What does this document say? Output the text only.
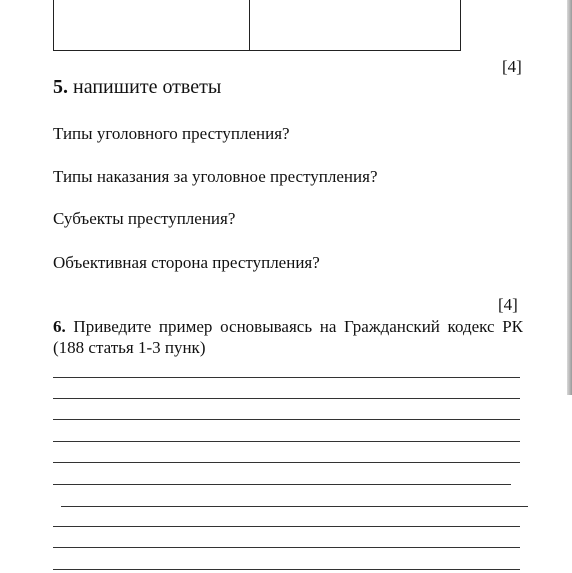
[4]
5. напишите ответы
Типы уголовного преступления?
Типы наказания за уголовное преступления?
Субъекты преступления?
Объективная сторона преступления?
[4]
6. Приведите пример основываясь на Гражданский кодекс РК (188 статья 1-3 пунк)
